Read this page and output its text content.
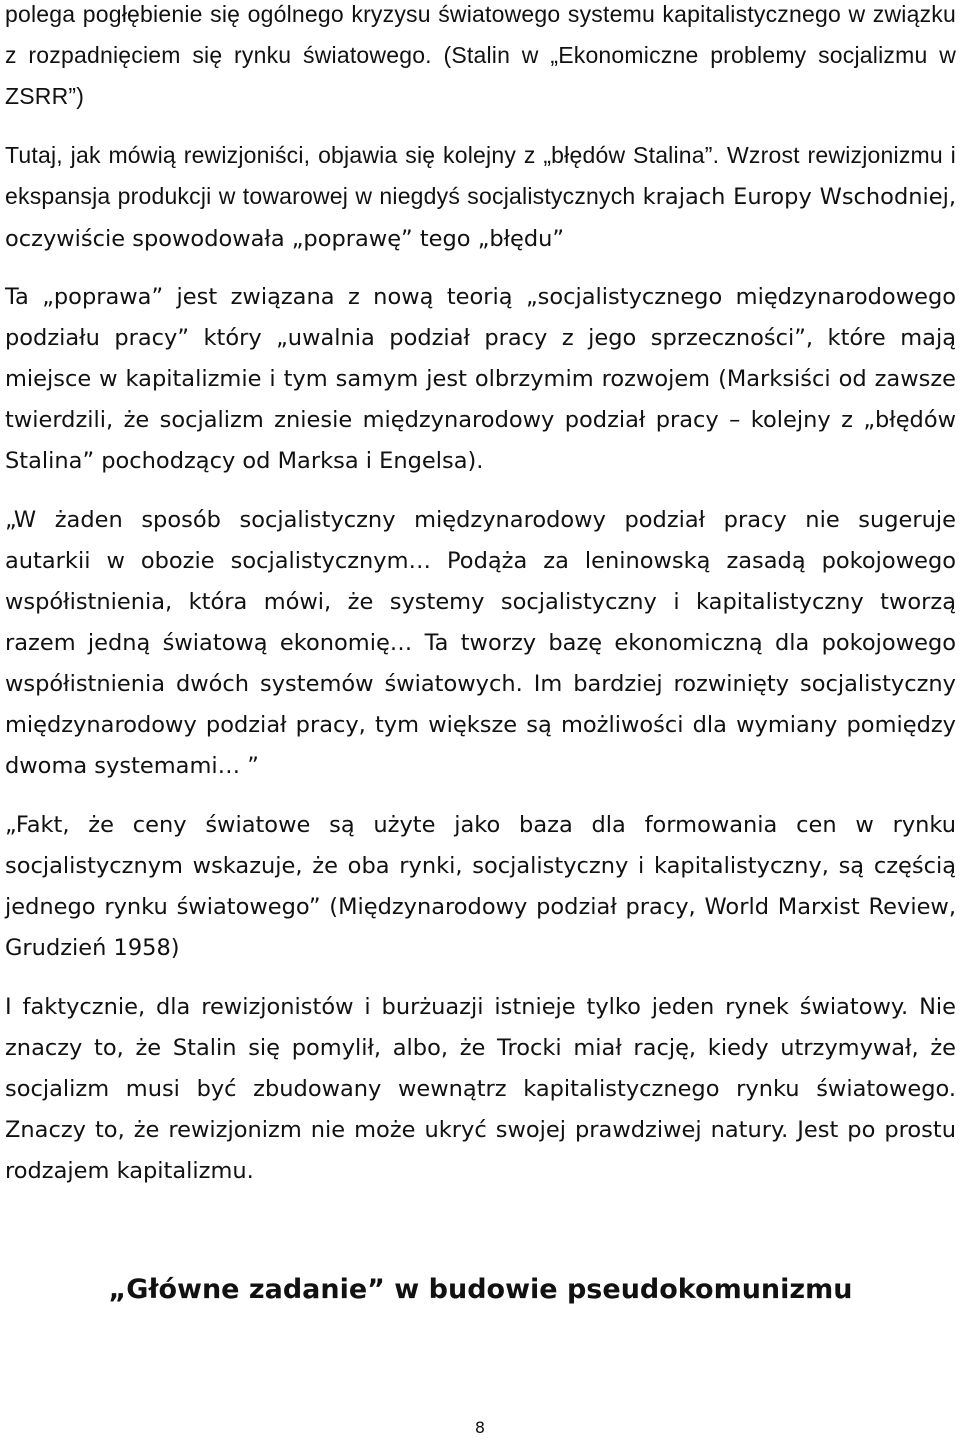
polega pogłębienie się ogólnego kryzysu światowego systemu kapitalistycznego w związku z rozpadnięciem się rynku światowego. (Stalin w „Ekonomiczne problemy socjalizmu w ZSRR”)

Tutaj, jak mówią rewizjoniści, objawia się kolejny z „błędów Stalina”. Wzrost rewizjonizmu i ekspansja produkcji w towarowej w niegdyś socjalistycznych krajach Europy Wschodniej, oczywiście spowodowała „poprawę” tego „błędu”

Ta „poprawa” jest związana z nową teorią „socjalistycznego międzynarodowego podziału pracy” który „uwalnia podział pracy z jego sprzeczności”, które mają miejsce w kapitalizmie i tym samym jest olbrzymim rozwojem (Marksiści od zawsze twierdzili, że socjalizm zniesie międzynarodowy podział pracy – kolejny z „błędów Stalina” pochodzący od Marksa i Engelsa).

„W żaden sposób socjalistyczny międzynarodowy podział pracy nie sugeruje autarkii w obozie socjalistycznym… Podąża za leninowską zasadą pokojowego współistnienia, która mówi, że systemy socjalistyczny i kapitalistyczny tworzą razem jedną światową ekonomię… Ta tworzy bazę ekonomiczną dla pokojowego współistnienia dwóch systemów światowych. Im bardziej rozwinięty socjalistyczny międzynarodowy podział pracy, tym większe są możliwości dla wymiany pomiędzy dwoma systemami… ”

„Fakt, że ceny światowe są użyte jako baza dla formowania cen w rynku socjalistycznym wskazuje, że oba rynki, socjalistyczny i kapitalistyczny, są częścią jednego rynku światowego” (Międzynarodowy podział pracy, World Marxist Review, Grudzień 1958)

I faktycznie, dla rewizjonistów i burżuazji istnieje tylko jeden rynek światowy. Nie znaczy to, że Stalin się pomylił, albo, że Trocki miał rację, kiedy utrzymywał, że socjalizm musi być zbudowany wewnątrz kapitalistycznego rynku światowego. Znaczy to, że rewizjonizm nie może ukryć swojej prawdziwej natury. Jest po prostu rodzajem kapitalizmu.

„Główne zadanie” w budowie pseudokomunizmu
8
